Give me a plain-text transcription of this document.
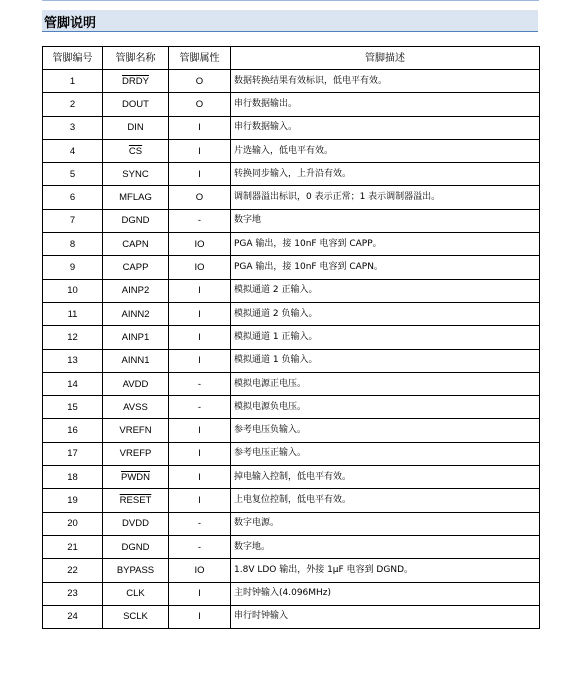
管脚说明
管脚编号	管脚名称	管脚属性	管脚描述
1	DRDY	O	数据转换结果有效标识，低电平有效。
2	DOUT	O	串行数据输出。
3	DIN	I	串行数据输入。
4	$\overline{CS}$	I	片选输入，低电平有效。
5	SYNC	I	转换同步输入，上升沿有效。
6	MFLAG	O	调制器溢出标识，0 表示正常；1 表示调制器溢出。
7	DGND	-	数字地
8	CAPN	IO	PGA 输出，接 10nF 电容到 CAPP。
9	CAPP	IO	PGA 输出，接 10nF 电容到 CAPN。
10	AINP2	I	模拟通道 2 正输入。
11	AINN2	I	模拟通道 2 负输入。
12	AINP1	I	模拟通道 1 正输入。
13	AINN1	I	模拟通道 1 负输入。
14	AVDD	-	模拟电源正电压。
15	AVSS	-	模拟电源负电压。
16	VREFN	I	参考电压负输入。
17	VREFP	I	参考电压正输入。
18	PWDN	I	掉电输入控制，低电平有效。
19	RESET	I	上电复位控制，低电平有效。
20	DVDD	-	数字电源。
21	DGND	-	数字地。
22	BYPASS	IO	1.8V LDO 输出，外接 1μF 电容到 DGND。
23	CLK	I	主时钟输入(4.096MHz)
24	SCLK	I	串行时钟输入
